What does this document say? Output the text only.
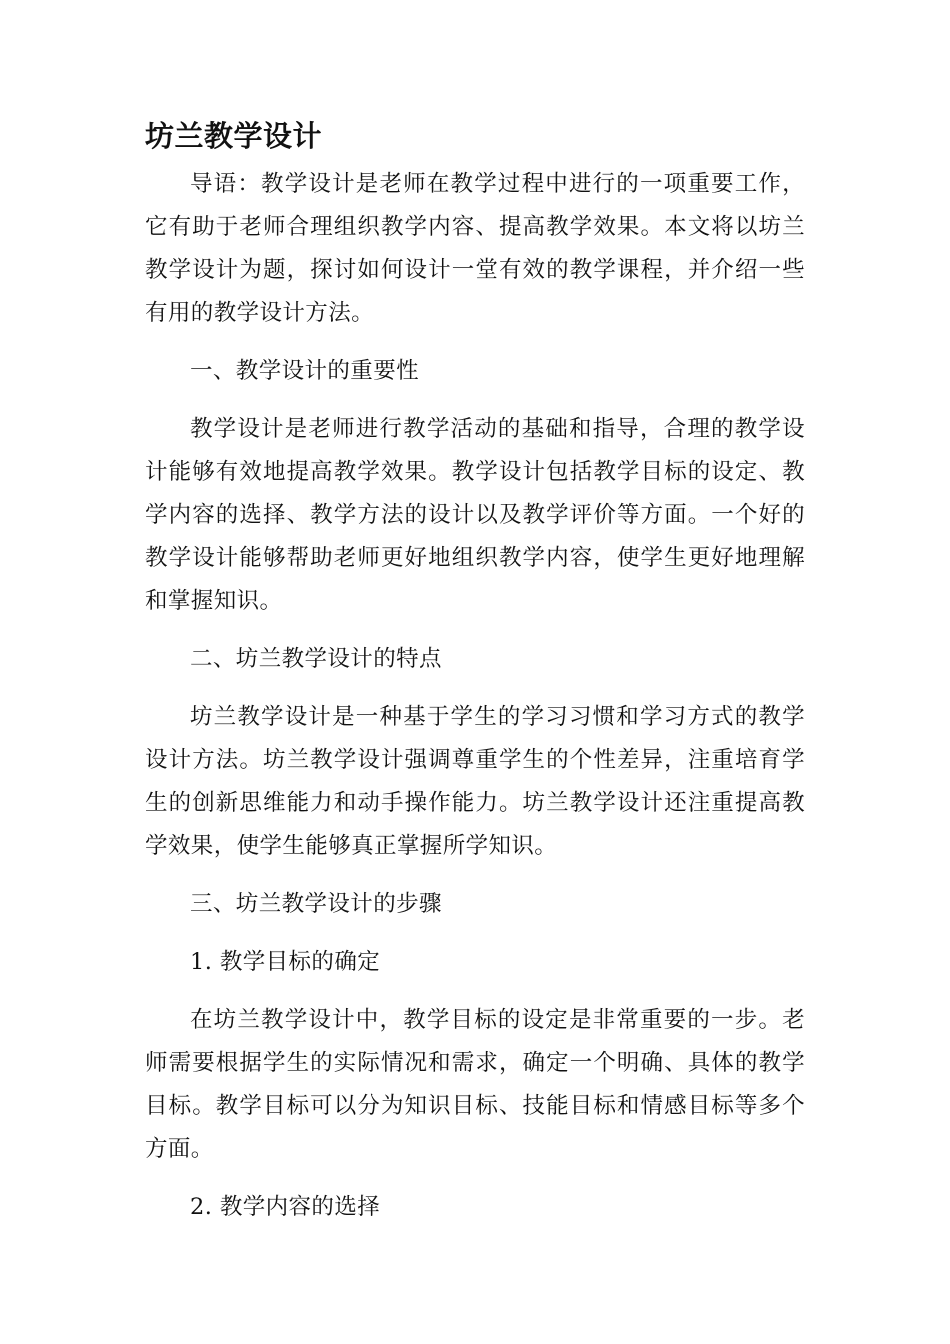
坊兰教学设计

导语：教学设计是老师在教学过程中进行的一项重要工作，它有助于老师合理组织教学内容、提高教学效果。本文将以坊兰教学设计为题，探讨如何设计一堂有效的教学课程，并介绍一些有用的教学设计方法。

一、教学设计的重要性

教学设计是老师进行教学活动的基础和指导，合理的教学设计能够有效地提高教学效果。教学设计包括教学目标的设定、教学内容的选择、教学方法的设计以及教学评价等方面。一个好的教学设计能够帮助老师更好地组织教学内容，使学生更好地理解和掌握知识。

二、坊兰教学设计的特点

坊兰教学设计是一种基于学生的学习习惯和学习方式的教学设计方法。坊兰教学设计强调尊重学生的个性差异，注重培育学生的创新思维能力和动手操作能力。坊兰教学设计还注重提高教学效果，使学生能够真正掌握所学知识。

三、坊兰教学设计的步骤

1. 教学目标的确定

在坊兰教学设计中，教学目标的设定是非常重要的一步。老师需要根据学生的实际情况和需求，确定一个明确、具体的教学目标。教学目标可以分为知识目标、技能目标和情感目标等多个方面。

2. 教学内容的选择
